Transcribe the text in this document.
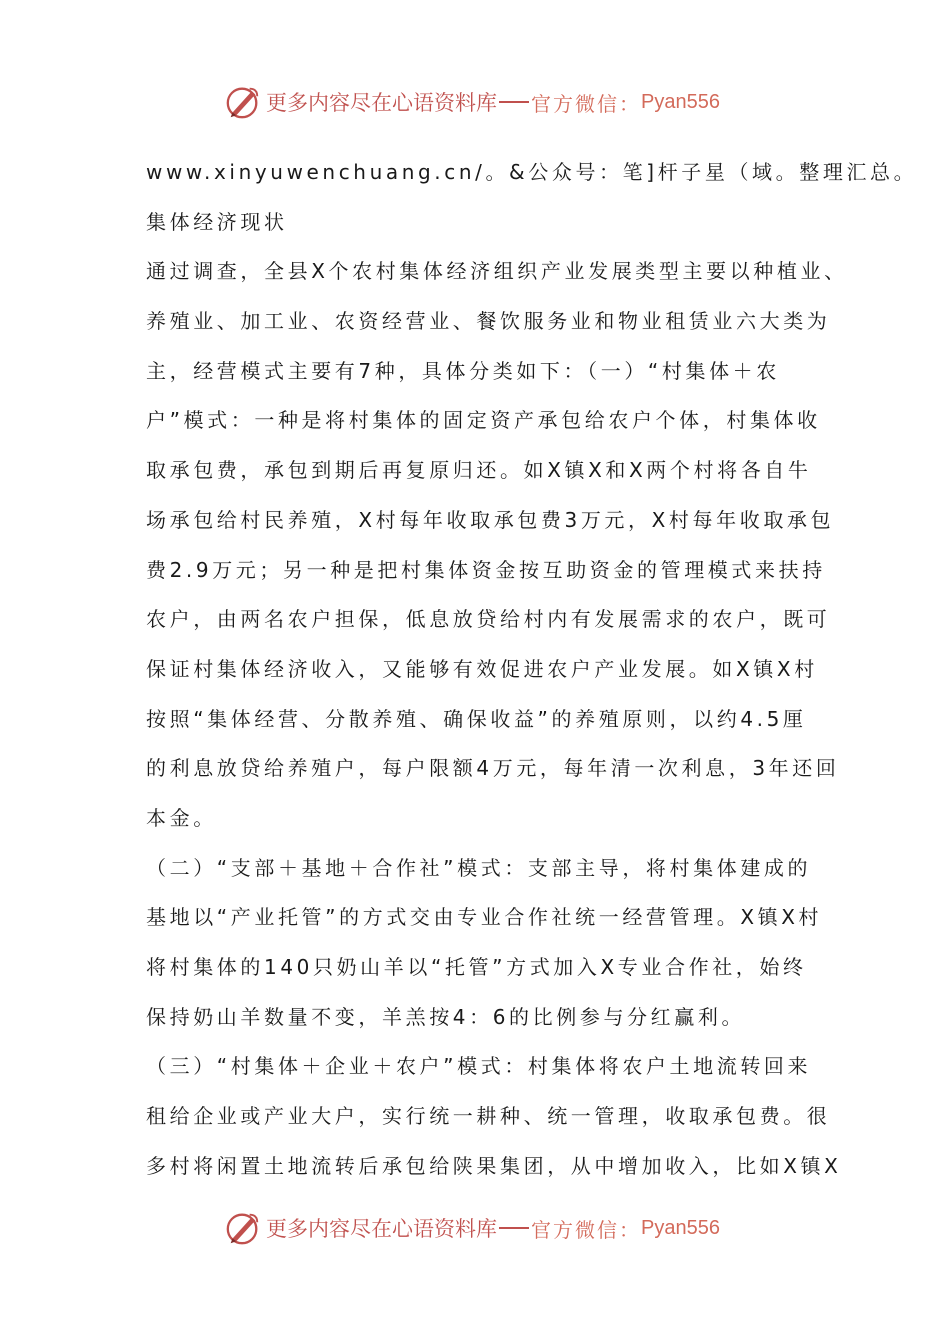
更多内容尽在心语资料库 官方微信： Pyan556
www.xinyuwenchuang.cn/。&公众号：笔]杆子星（域。整理汇总。
集体经济现状
通过调查，全县X个农村集体经济组织产业发展类型主要以种植业、
养殖业、加工业、农资经营业、餐饮服务业和物业租赁业六大类为
主，经营模式主要有7种，具体分类如下：（一）“村集体＋农
户”模式：一种是将村集体的固定资产承包给农户个体，村集体收
取承包费，承包到期后再复原归还。如X镇X和X两个村将各自牛
场承包给村民养殖，X村每年收取承包费3万元，X村每年收取承包
费2.9万元；另一种是把村集体资金按互助资金的管理模式来扶持
农户，由两名农户担保，低息放贷给村内有发展需求的农户，既可
保证村集体经济收入，又能够有效促进农户产业发展。如X镇X村
按照“集体经营、分散养殖、确保收益”的养殖原则，以约4.5厘
的利息放贷给养殖户，每户限额4万元，每年清一次利息，3年还回
本金。
（二）“支部＋基地＋合作社”模式：支部主导，将村集体建成的
基地以“产业托管”的方式交由专业合作社统一经营管理。X镇X村
将村集体的140只奶山羊以“托管”方式加入X专业合作社，始终
保持奶山羊数量不变，羊羔按4：6的比例参与分红赢利。
（三）“村集体＋企业＋农户”模式：村集体将农户土地流转回来
租给企业或产业大户，实行统一耕种、统一管理，收取承包费。很
多村将闲置土地流转后承包给陕果集团，从中增加收入，比如X镇X
更多内容尽在心语资料库 官方微信： Pyan556
